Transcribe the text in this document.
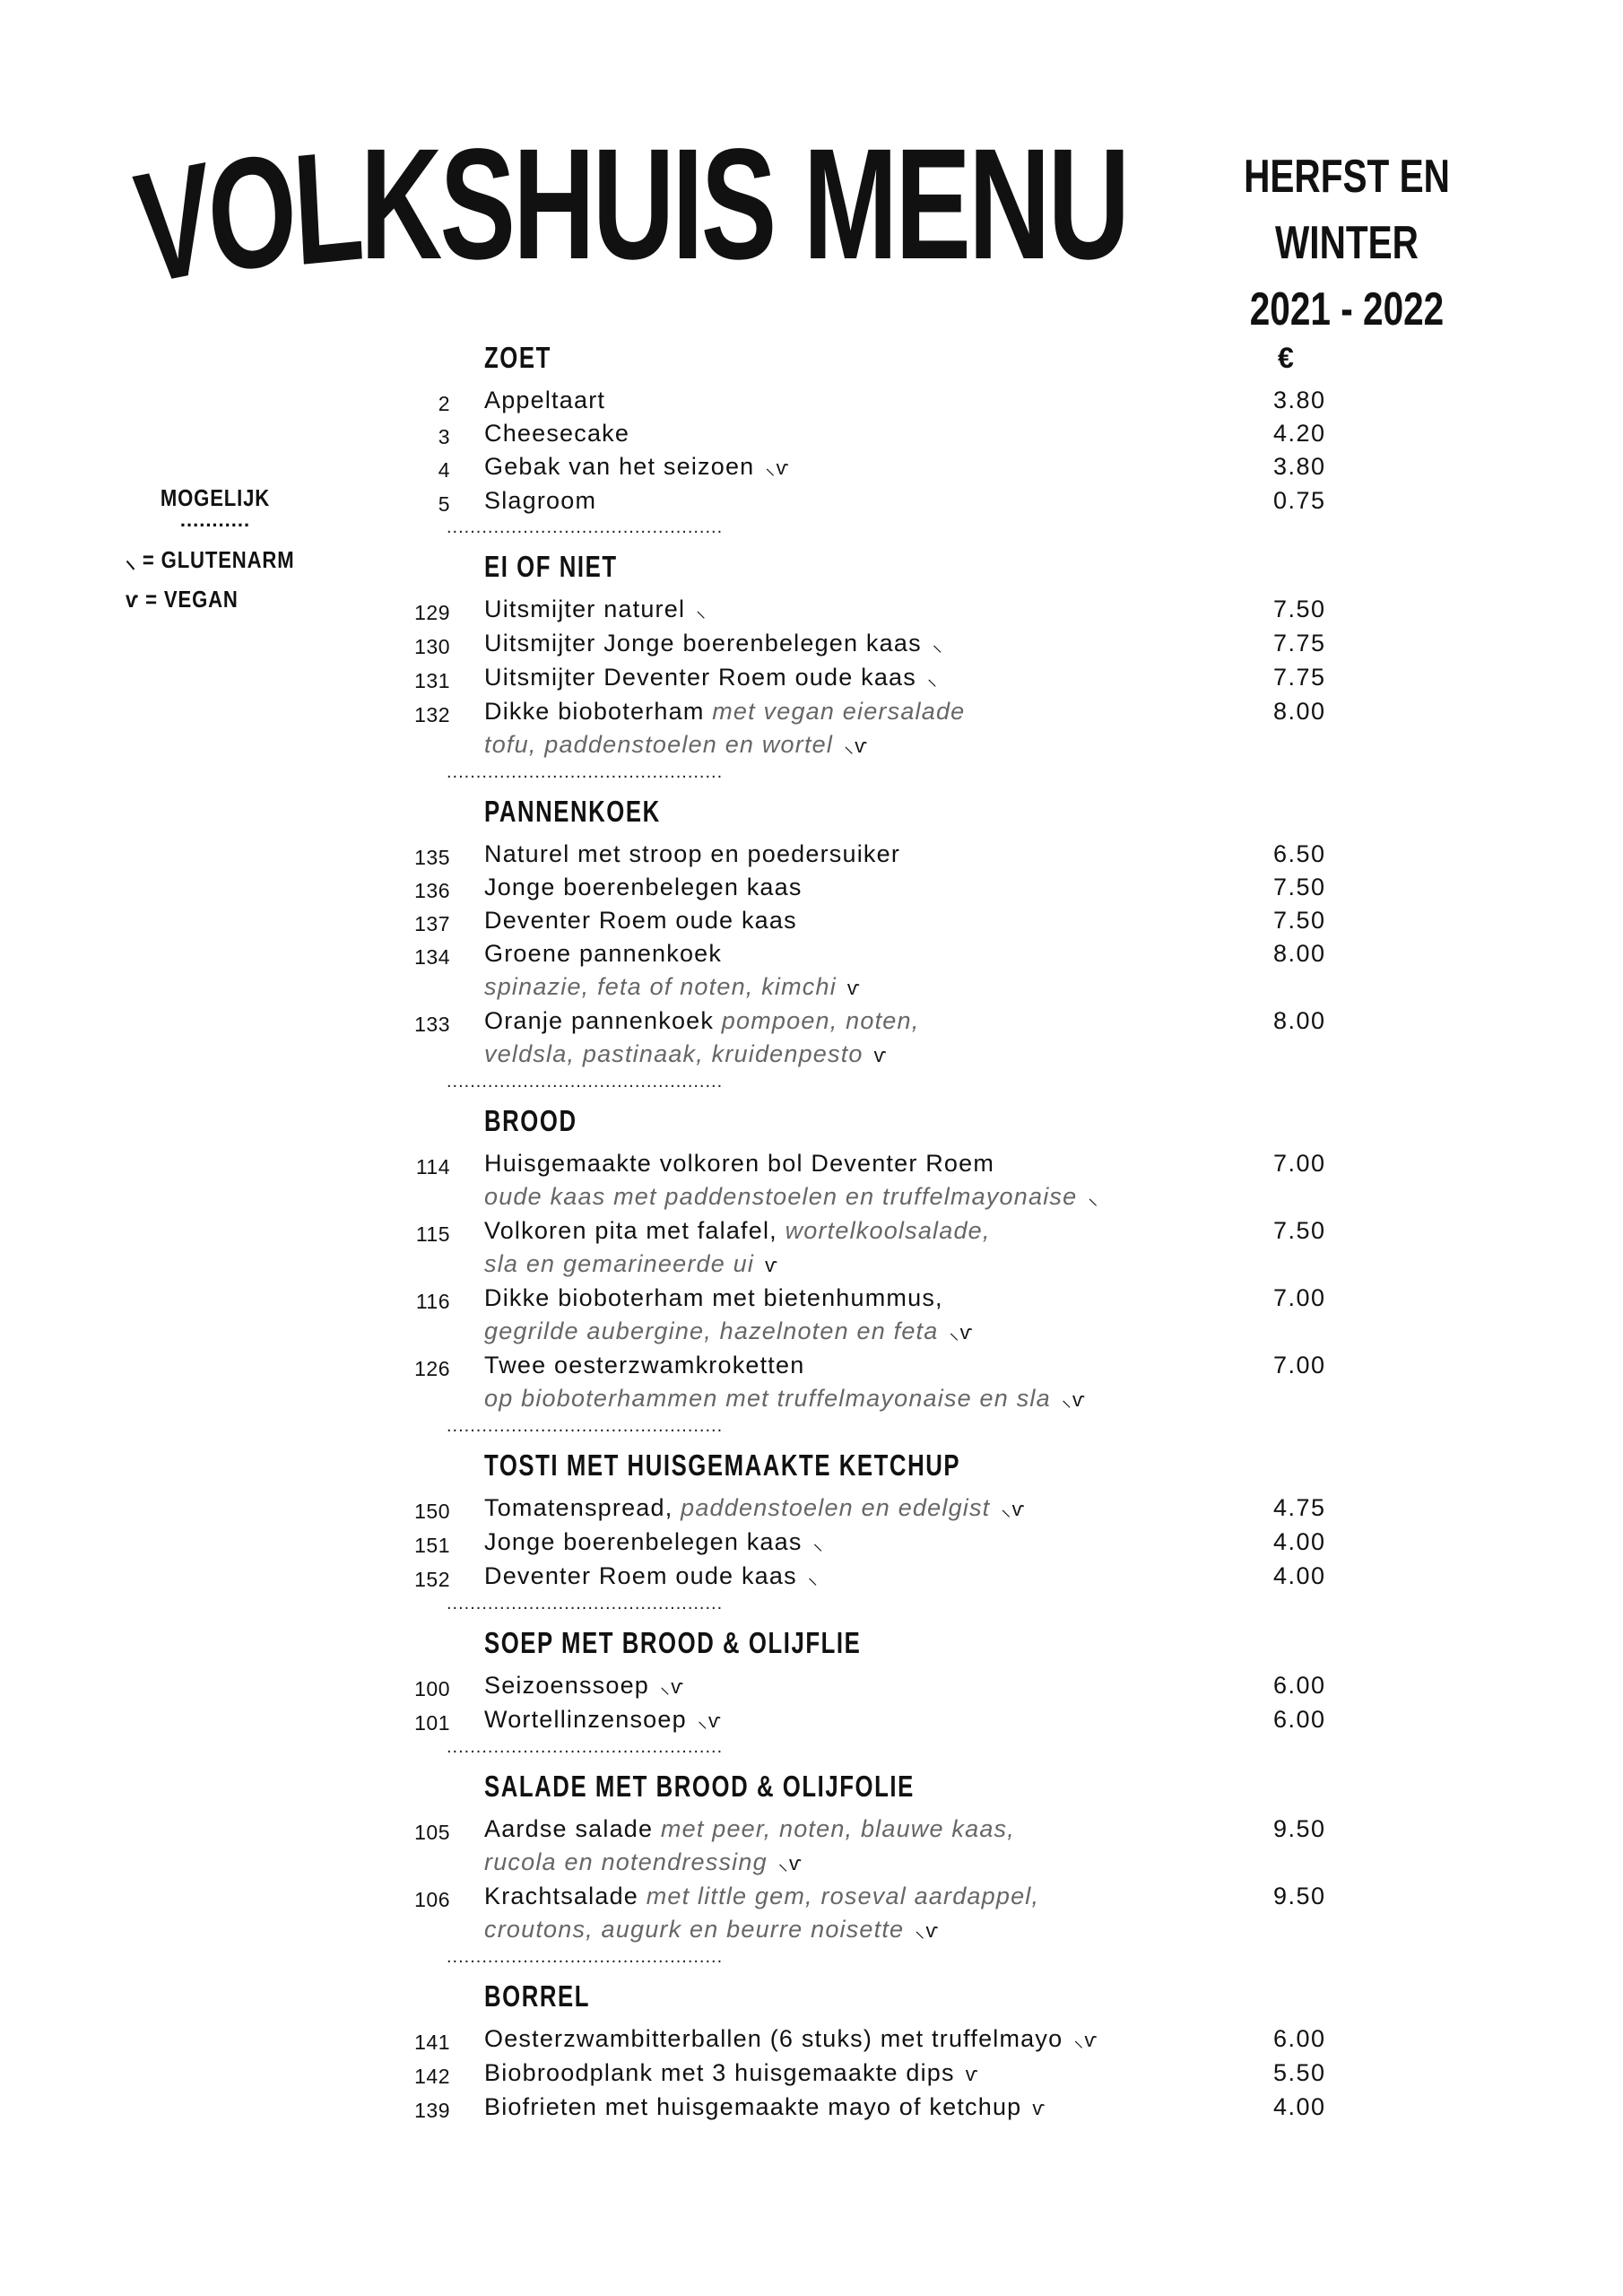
VOLKSHUIS MENU	HERFST EN WINTER
2021 - 2022
MOGELIJK
...........
⸜ = GLUTENARM
ѵ = VEGAN
ZOET	€
2 Appeltaart	3.80
3 Cheesecake	4.20
4 Gebak van het seizoen ⸜ѵ	3.80
5 Slagroom	0.75
...............................................
EI OF NIET
129 Uitsmijter naturel ⸜	7.50
130 Uitsmijter Jonge boerenbelegen kaas ⸜	7.75
131 Uitsmijter Deventer Roem oude kaas ⸜	7.75
132 Dikke bioboterham met vegan eiersalade
tofu, paddenstoelen en wortel ⸜ѵ
8.00
...............................................
PANNENKOEK
135 Naturel met stroop en poedersuiker	6.50
136 Jonge boerenbelegen kaas	7.50
137 Deventer Roem oude kaas	7.50
134 Groene pannenkoek
spinazie, feta of noten, kimchi ѵ
8.00
133 Oranje pannenkoek pompoen, noten,
veldsla, pastinaak, kruidenpesto ѵ
8.00
...............................................
BROOD
114 Huisgemaakte volkoren bol Deventer Roem
oude kaas met paddenstoelen en truffelmayonaise ⸜
7.00
115 Volkoren pita met falafel, wortelkoolsalade,
sla en gemarineerde ui ѵ
7.50
116 Dikke bioboterham met bietenhummus,
gegrilde aubergine, hazelnoten en feta ⸜ѵ
7.00
126 Twee oesterzwamkroketten
op bioboterhammen met truffelmayonaise en sla ⸜ѵ
7.00
...............................................
TOSTI MET HUISGEMAAKTE KETCHUP
150 Tomatenspread, paddenstoelen en edelgist ⸜ѵ	4.75
151 Jonge boerenbelegen kaas ⸜	4.00
152 Deventer Roem oude kaas ⸜	4.00
...............................................
SOEP MET BROOD & OLIJFLIE
100 Seizoenssoep ⸜ѵ	6.00
101 Wortellinzensoep ⸜ѵ	6.00
...............................................
SALADE MET BROOD & OLIJFOLIE
105 Aardse salade met peer, noten, blauwe kaas,
rucola en notendressing ⸜ѵ
9.50
106 Krachtsalade met little gem, roseval aardappel,
croutons, augurk en beurre noisette ⸜ѵ
9.50
...............................................
BORREL
141 Oesterzwambitterballen (6 stuks) met truffelmayo ⸜ѵ	6.00
142 Biobroodplank met 3 huisgemaakte dips ѵ	5.50
139 Biofrieten met huisgemaakte mayo of ketchup ѵ	4.00
